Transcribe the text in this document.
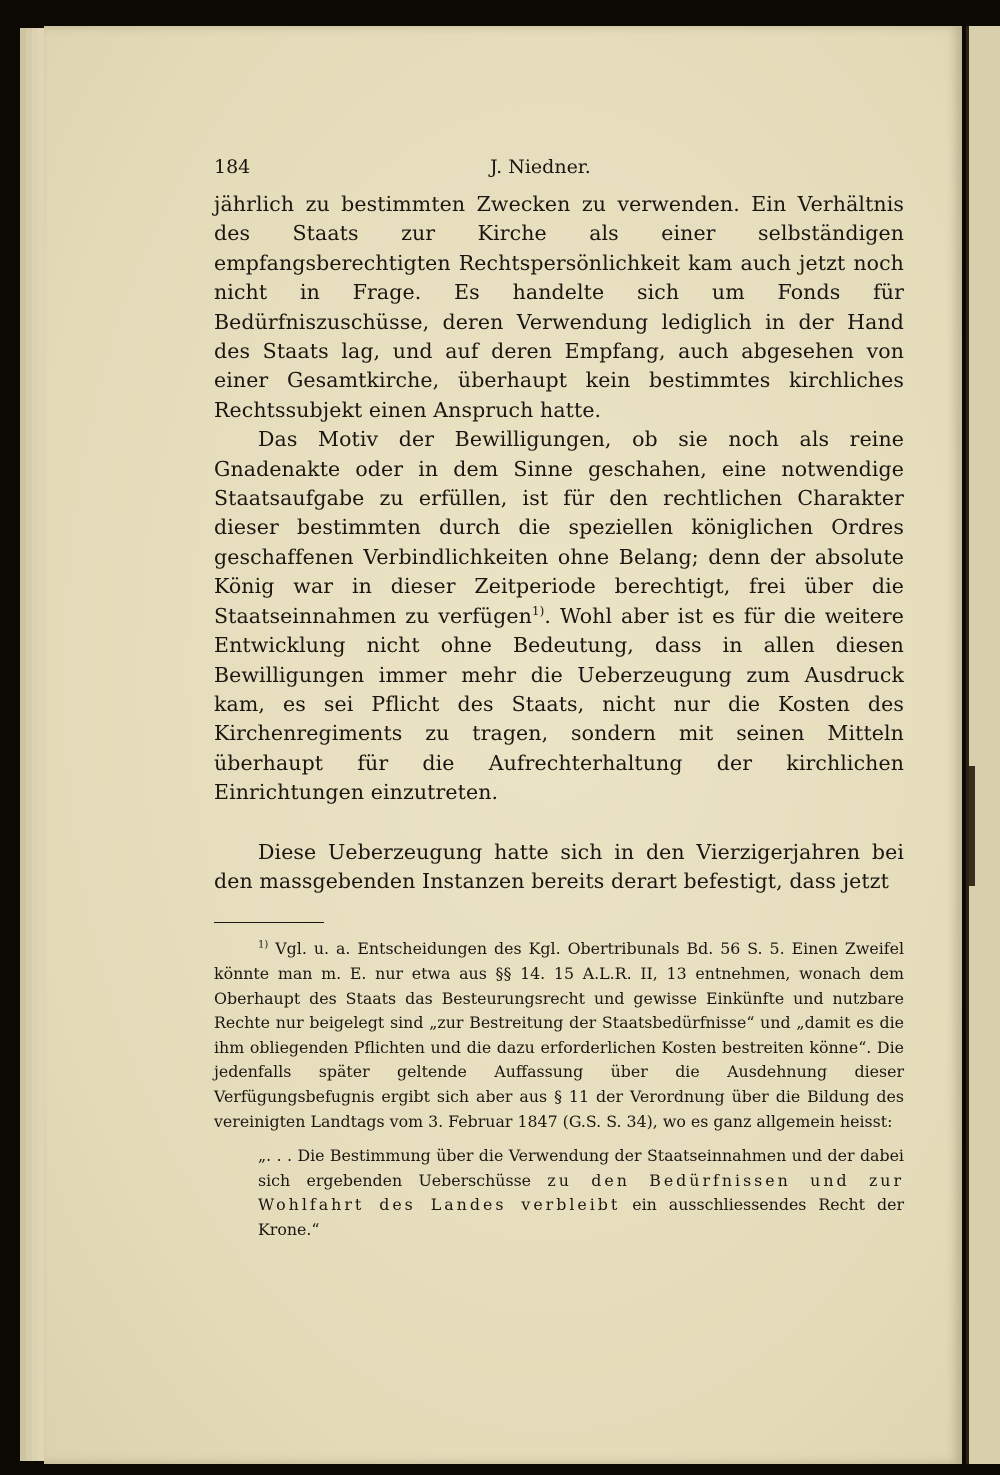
184	J. Niedner.

jährlich zu bestimmten Zwecken zu verwenden. Ein Verhältnis des Staats zur Kirche als einer selbständigen empfangsberechtigten Rechtspersönlichkeit kam auch jetzt noch nicht in Frage. Es handelte sich um Fonds für Bedürfniszuschüsse, deren Verwendung lediglich in der Hand des Staats lag, und auf deren Empfang, auch abgesehen von einer Gesamtkirche, überhaupt kein bestimmtes kirchliches Rechtssubjekt einen Anspruch hatte.

Das Motiv der Bewilligungen, ob sie noch als reine Gnadenakte oder in dem Sinne geschahen, eine notwendige Staatsaufgabe zu erfüllen, ist für den rechtlichen Charakter dieser bestimmten durch die speziellen königlichen Ordres geschaffenen Verbindlichkeiten ohne Belang; denn der absolute König war in dieser Zeitperiode berechtigt, frei über die Staatseinnahmen zu verfügen$^{1)}$. Wohl aber ist es für die weitere Entwicklung nicht ohne Bedeutung, dass in allen diesen Bewilligungen immer mehr die Ueberzeugung zum Ausdruck kam, es sei Pflicht des Staats, nicht nur die Kosten des Kirchenregiments zu tragen, sondern mit seinen Mitteln überhaupt für die Aufrechterhaltung der kirchlichen Einrichtungen einzutreten.

Diese Ueberzeugung hatte sich in den Vierzigerjahren bei den massgebenden Instanzen bereits derart befestigt, dass jetzt

$^{1)}$ Vgl. u. a. Entscheidungen des Kgl. Obertribunals Bd. 56 S. 5. Einen Zweifel könnte man m. E. nur etwa aus §§ 14. 15 A.L.R. II, 13 entnehmen, wonach dem Oberhaupt des Staats das Besteurungsrecht und gewisse Einkünfte und nutzbare Rechte nur beigelegt sind „zur Bestreitung der Staatsbedürfnisse“ und „damit es die ihm obliegenden Pflichten und die dazu erforderlichen Kosten bestreiten könne“. Die jedenfalls später geltende Auffassung über die Ausdehnung dieser Verfügungsbefugnis ergibt sich aber aus § 11 der Verordnung über die Bildung des vereinigten Landtags vom 3. Februar 1847 (G.S. S. 34), wo es ganz allgemein heisst:

„. . . Die Bestimmung über die Verwendung der Staatseinnahmen und der dabei sich ergebenden Ueberschüsse zu den Bedürfnissen und zur Wohlfahrt des Landes verbleibt ein ausschliessendes Recht der Krone.“
